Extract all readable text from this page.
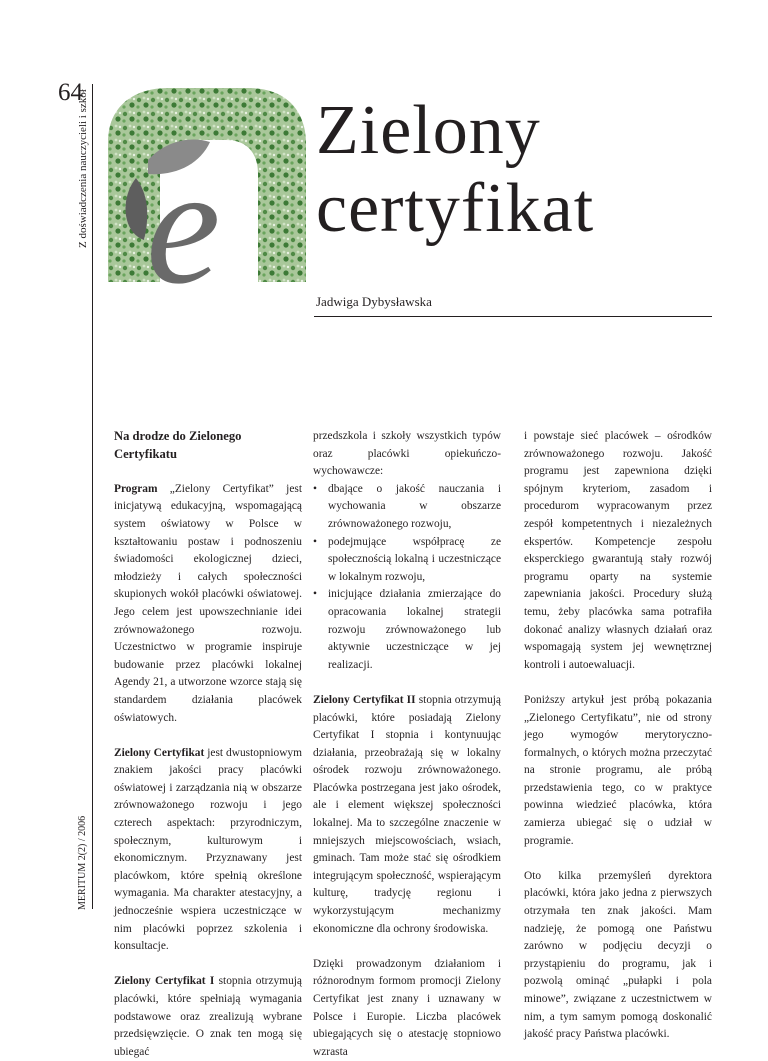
64
Z doświadczenia nauczycieli i szkół
MERITUM 2(2) / 2006
e
Zielony
certyfikat
Jadwiga Dybysławska
Na drodze do Zielonego Certyfikatu

Program „Zielony Certyfikat” jest inicjatywą edukacyjną, wspomagającą system oświatowy w Polsce w kształtowaniu postaw i podnoszeniu świadomości ekologicznej dzieci, młodzieży i całych społeczności skupionych wokół placówki oświatowej. Jego celem jest upowszechnianie idei zrównoważonego rozwoju. Uczestnictwo w programie inspiruje budowanie przez placówki lokalnej Agendy 21, a utworzone wzorce stają się standardem działania placówek oświatowych.

Zielony Certyfikat jest dwustopniowym znakiem jakości pracy placówki oświatowej i zarządzania nią w obszarze zrównoważonego rozwoju i jego czterech aspektach: przyrodniczym, społecznym, kulturowym i ekonomicznym. Przyznawany jest placówkom, które spełnią określone wymagania. Ma charakter atestacyjny, a jednocześnie wspiera uczestniczące w nim placówki poprzez szkolenia i konsultacje.

Zielony Certyfikat I stopnia otrzymują placówki, które spełniają wymagania podstawowe oraz zrealizują wybrane przedsięwzięcie. O znak ten mogą się ubiegać

przedszkola i szkoły wszystkich typów oraz placówki opiekuńczo-wychowawcze:

• dbające o jakość nauczania i wychowania w obszarze zrównoważonego rozwoju,
• podejmujące współpracę ze społecznością lokalną i uczestniczące w lokalnym rozwoju,
• inicjujące działania zmierzające do opracowania lokalnej strategii rozwoju zrównoważonego lub aktywnie uczestniczące w jej realizacji.

Zielony Certyfikat II stopnia otrzymują placówki, które posiadają Zielony Certyfikat I stopnia i kontynuując działania, przeobrażają się w lokalny ośrodek rozwoju zrównoważonego. Placówka postrzegana jest jako ośrodek, ale i element większej społeczności lokalnej. Ma to szczególne znaczenie w mniejszych miejscowościach, wsiach, gminach. Tam może stać się ośrodkiem integrującym społeczność, wspierającym kulturę, tradycję regionu i wykorzystującym mechanizmy ekonomiczne dla ochrony środowiska.

Dzięki prowadzonym działaniom i różnorodnym formom promocji Zielony Certyfikat jest znany i uznawany w Polsce i Europie. Liczba placówek ubiegających się o atestację stopniowo wzrasta

i powstaje sieć placówek – ośrodków zrównoważonego rozwoju. Jakość programu jest zapewniona dzięki spójnym kryteriom, zasadom i procedurom wypracowanym przez zespół kompetentnych i niezależnych ekspertów. Kompetencje zespołu eksperckiego gwarantują stały rozwój programu oparty na systemie zapewniania jakości. Procedury służą temu, żeby placówka sama potrafiła dokonać analizy własnych działań oraz wspomagają system jej wewnętrznej kontroli i autoewaluacji.

Poniższy artykuł jest próbą pokazania „Zielonego Certyfikatu”, nie od strony jego wymogów merytoryczno-formalnych, o których można przeczytać na stronie programu, ale próbą przedstawienia tego, co w praktyce powinna wiedzieć placówka, która zamierza ubiegać się o udział w programie.

Oto kilka przemyśleń dyrektora placówki, która jako jedna z pierwszych otrzymała ten znak jakości. Mam nadzieję, że pomogą one Państwu zarówno w podjęciu decyzji o przystąpieniu do programu, jak i pozwolą ominąć „pułapki i pola minowe”, związane z uczestnictwem w nim, a tym samym pomogą doskonalić jakość pracy Państwa placówki.
